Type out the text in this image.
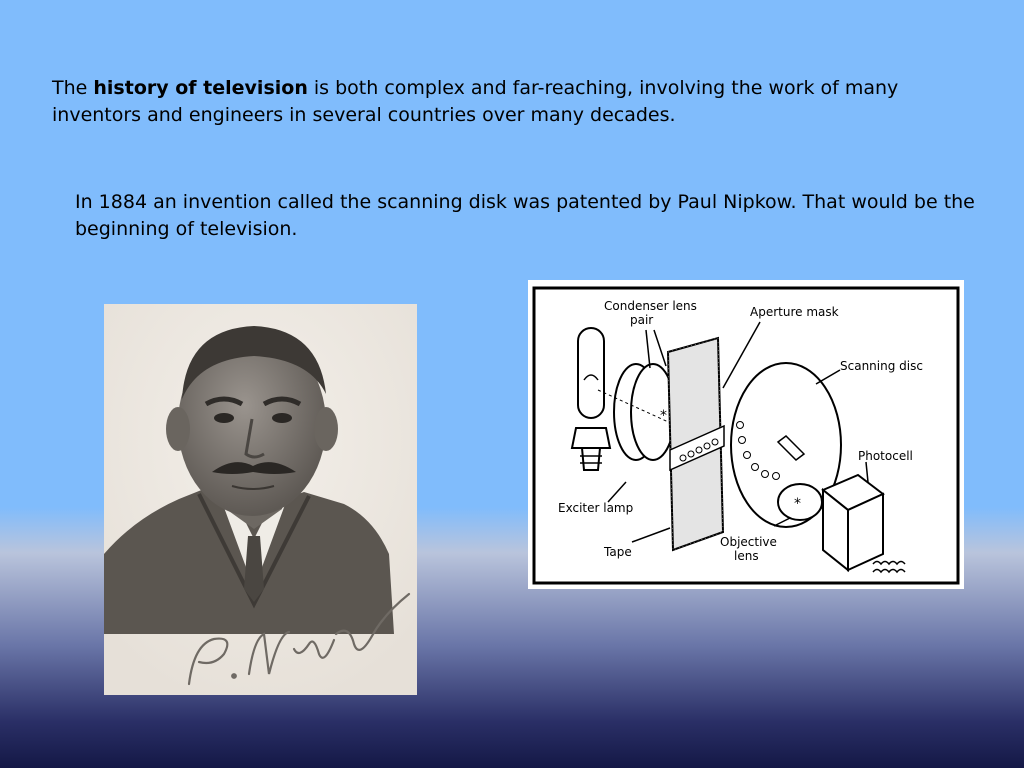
The history of television is both complex and far-reaching, involving the work of many inventors and engineers in several countries over many decades.

In 1884 an invention called the scanning disk was patented by Paul Nipkow. That would be the beginning of television.

*
*
Condenser lens
pair
Aperture mask
Scanning disc
Photocell
Exciter lamp
Tape
Objective
lens
